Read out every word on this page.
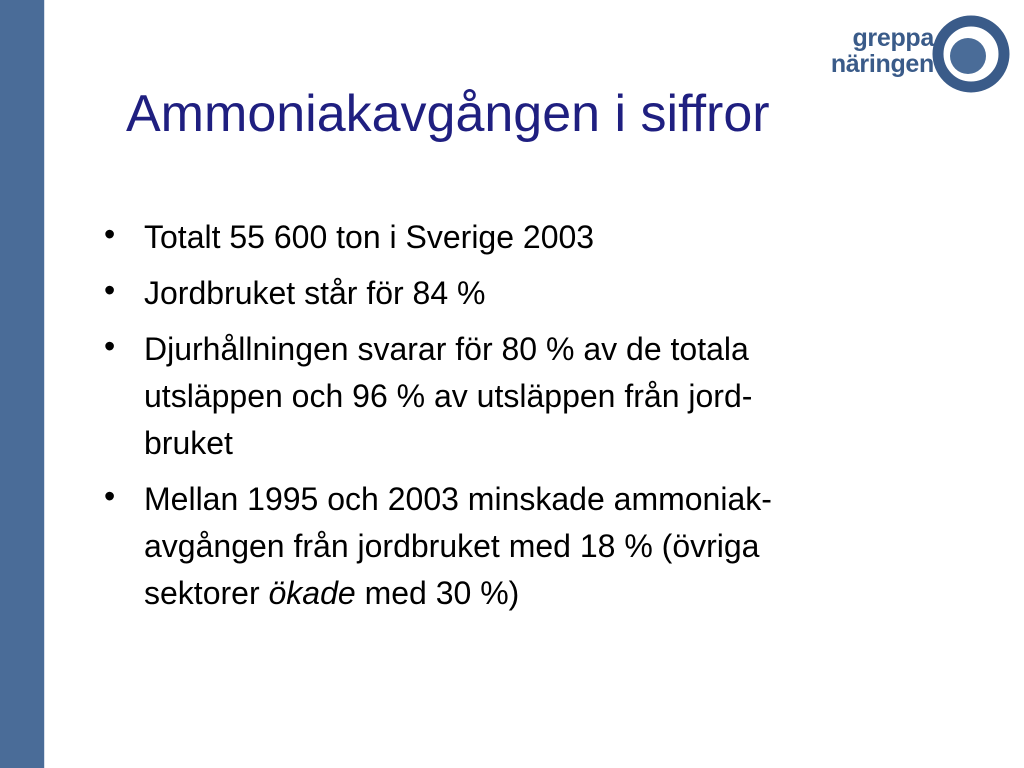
greppa
näringen
Ammoniakavgången i siffror
• Totalt 55 600 ton i Sverige 2003
• Jordbruket står för 84 %
• Djurhållningen svarar för 80 % av de totala
utsläppen och 96 % av utsläppen från jord-
bruket
• Mellan 1995 och 2003 minskade ammoniak-
avgången från jordbruket med 18 % (övriga
sektorer ökade med 30 %)
